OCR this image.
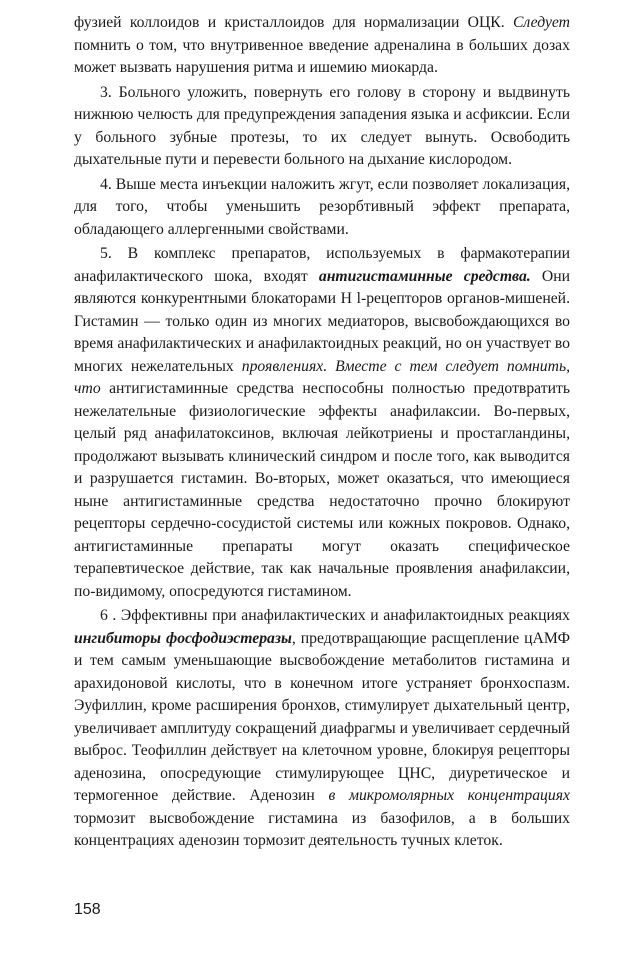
фузией коллоидов и кристаллоидов для нормализации ОЦК. Следует помнить о том, что внутривенное введение адреналина в больших дозах может вызвать нарушения ритма и ишемию миокарда.

3. Больного уложить, повернуть его голову в сторону и выдвинуть нижнюю челюсть для предупреждения западения языка и асфиксии. Если у больного зубные протезы, то их следует вынуть. Освободить дыхательные пути и перевести больного на дыхание кислородом.

4. Выше места инъекции наложить жгут, если позволяет локализация, для того, чтобы уменьшить резорбтивный эффект препарата, обладающего аллергенными свойствами.

5. В комплекс препаратов, используемых в фармакотерапии анафилактического шока, входят антигистаминные средства. Они являются конкурентными блокаторами H l-рецепторов органов-мишеней. Гистамин — только один из многих медиаторов, высвобождающихся во время анафилактических и анафилактоидных реакций, но он участвует во многих нежелательных проявлениях. Вместе с тем следует помнить, что антигистаминные средства неспособны полностью предотвратить нежелательные физиологические эффекты анафилаксии. Во-первых, целый ряд анафилатоксинов, включая лейкотриены и простагландины, продолжают вызывать клинический синдром и после того, как выводится и разрушается гистамин. Во-вторых, может оказаться, что имеющиеся ныне антигистаминные средства недостаточно прочно блокируют рецепторы сердечно-сосудистой системы или кожных покровов. Однако, антигистаминные препараты могут оказать специфическое терапевтическое действие, так как начальные проявления анафилаксии, по-видимому, опосредуются гистамином.

6 . Эффективны при анафилактических и анафилактоидных реакциях ингибиторы фосфодиэстеразы, предотвращающие расщепление цАМФ и тем самым уменьшающие высвобождение метаболитов гистамина и арахидоновой кислоты, что в конечном итоге устраняет бронхоспазм. Эуфиллин, кроме расширения бронхов, стимулирует дыхательный центр, увеличивает амплитуду сокращений диафрагмы и увеличивает сердечный выброс. Теофиллин действует на клеточном уровне, блокируя рецепторы аденозина, опосредующие стимулирующее ЦНС, диуретическое и термогенное действие. Аденозин в микромолярных концентрациях тормозит высвобождение гистамина из базофилов, а в больших концентрациях аденозин тормозит деятельность тучных клеток.

158
